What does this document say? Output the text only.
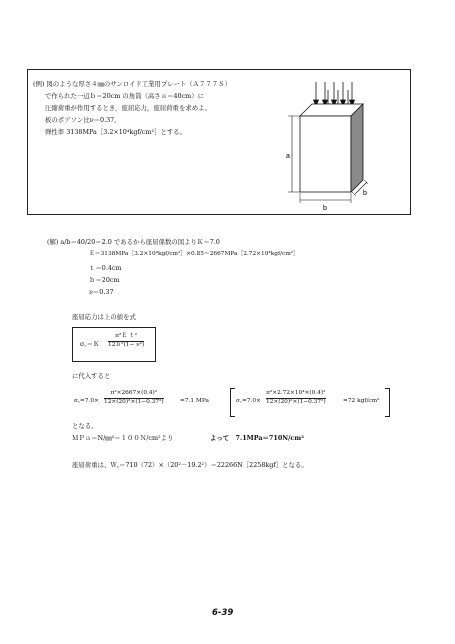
(例) 図のような厚さ４㎜のサンロイド工業用プレート（Ａ７７７Ｓ）
で作られた一辺ｂ＝20cm の角筒（高さａ＝40cm）に
圧縮荷重が作用するとき，座屈応力，座屈荷重を求めよ。
板のポアソン比ν＝0.37,
弾性率 3138MPa［3.2×10⁴kgf/cm²］とする。
a
b
b
(解) a/b＝40/20＝2.0 であるから座屈係数の図よりＫ＝7.0
Ｅ＝3138MPa［3.2×10⁴kgf/cm²］×0.85＝2667MPa［2.72×10⁴kgf/cm²］
ｔ＝0.4cm
ｂ＝20cm
ν＝0.37
座屈応力は上の値を式
σ꜀＝Ｋ
π²Ｅ ｔ²
12ｂ²(1− ν²)
に代入すると
σ꜀=7.0×
π²×2667×(0.4)²
12×(20)²×(1−0.37²)	=7.1 MPa	σ꜀=7.0×
π²×2.72×10⁴×(0.4)²
12×(20)²×(1−0.37²)	=72 kgf/cm²
となる。
ＭＰａ＝N/㎜²＝１００Ｎ/cm²より	よって　7.1MPa＝710N/cm²
座屈荷重は、Ｗ꜀＝710（72）×（20²－19.2²）＝22266N［2258kgf］となる。
6-39
